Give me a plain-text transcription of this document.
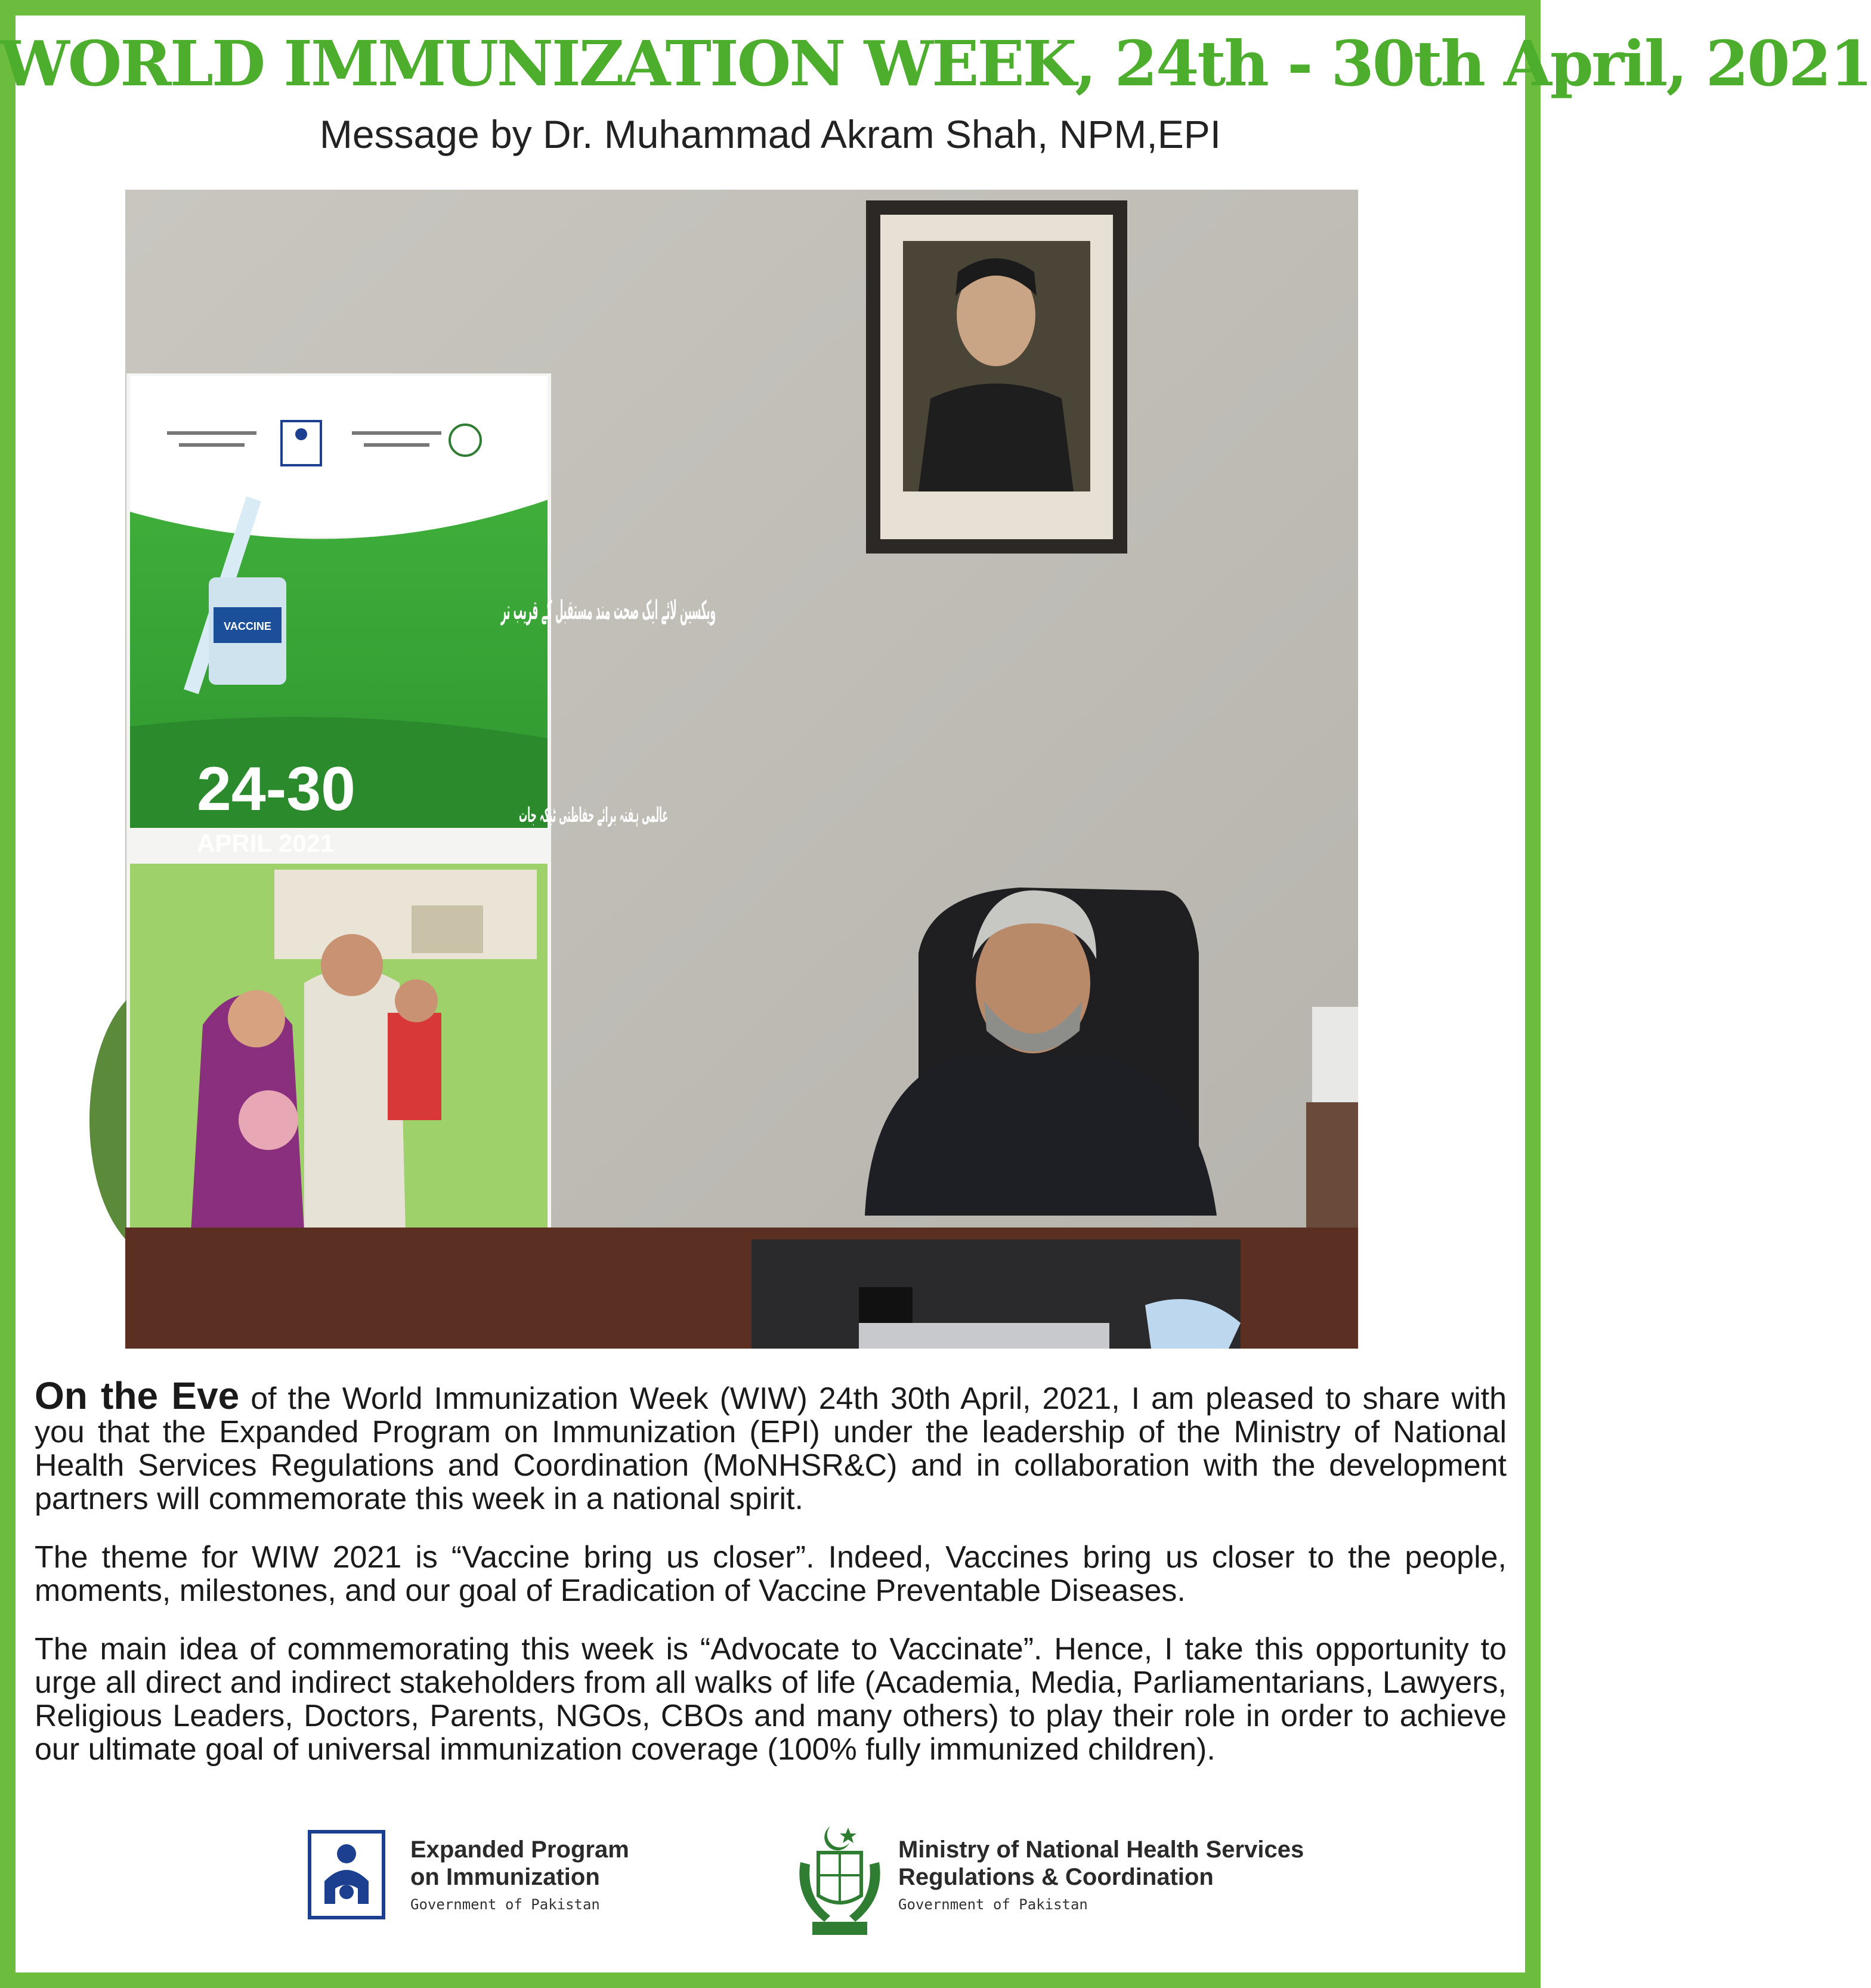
WORLD IMMUNIZATION WEEK, 24th - 30th April, 2021
Message by Dr. Muhammad Akram Shah, NPM,EPI
VACCINE
ویکسین لائے ایک صحت مند مستقبل کے قریب تر
24-30
APRIL 2021
عالمی ہفتہ برائے حفاظتی ٹیکہ جات

On the Eve of the World Immunization Week (WIW) 24th 30th April, 2021, I am pleased to share with you that the Expanded Program on Immunization (EPI) under the leadership of the Ministry of National Health Services Regulations and Coordination (MoNHSR&C) and in collaboration with the development partners will commemorate this week in a national spirit.

The theme for WIW 2021 is “Vaccine bring us closer”. Indeed, Vaccines bring us closer to the people, moments, milestones, and our goal of Eradication of Vaccine Preventable Diseases.

The main idea of commemorating this week is “Advocate to Vaccinate”. Hence, I take this opportunity to urge all direct and indirect stakeholders from all walks of life (Academia, Media, Parliamentarians, Lawyers, Religious Leaders, Doctors, Parents, NGOs, CBOs and many others) to play their role in order to achieve our ultimate goal of universal immunization coverage (100% fully immunized children).

Expanded Program
on Immunization
Government of Pakistan
Ministry of National Health Services
Regulations & Coordination
Government of Pakistan
